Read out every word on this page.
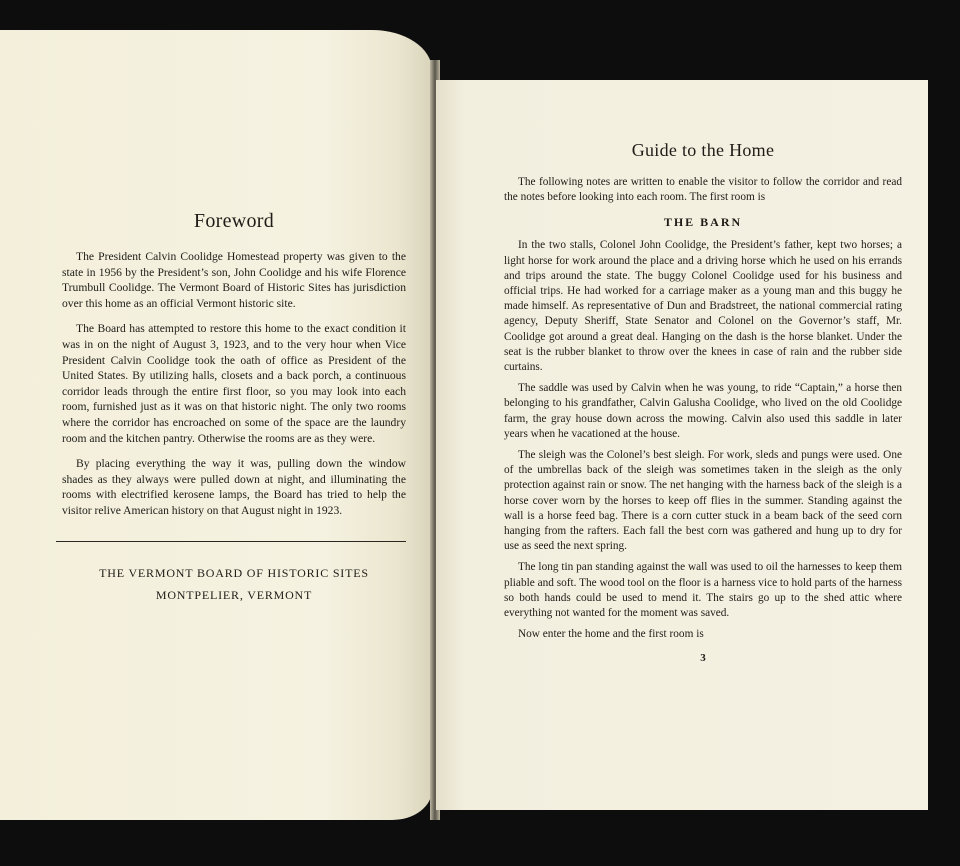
Foreword

The President Calvin Coolidge Homestead property was given to the state in 1956 by the President’s son, John Coolidge and his wife Florence Trumbull Coolidge. The Vermont Board of Historic Sites has jurisdiction over this home as an official Vermont historic site.

The Board has attempted to restore this home to the exact condition it was in on the night of August 3, 1923, and to the very hour when Vice President Calvin Coolidge took the oath of office as President of the United States. By utilizing halls, closets and a back porch, a continuous corridor leads through the entire first floor, so you may look into each room, furnished just as it was on that historic night. The only two rooms where the corridor has encroached on some of the space are the laundry room and the kitchen pantry. Otherwise the rooms are as they were.

By placing everything the way it was, pulling down the window shades as they always were pulled down at night, and illuminating the rooms with electrified kerosene lamps, the Board has tried to help the visitor relive American history on that August night in 1923.

THE VERMONT BOARD OF HISTORIC SITES
MONTPELIER, VERMONT
Guide to the Home

The following notes are written to enable the visitor to follow the corridor and read the notes before looking into each room. The first room is

THE BARN

In the two stalls, Colonel John Coolidge, the President’s father, kept two horses; a light horse for work around the place and a driving horse which he used on his errands and trips around the state. The buggy Colonel Coolidge used for his business and official trips. He had worked for a carriage maker as a young man and this buggy he made himself. As representative of Dun and Bradstreet, the national commercial rating agency, Deputy Sheriff, State Senator and Colonel on the Governor’s staff, Mr. Coolidge got around a great deal. Hanging on the dash is the horse blanket. Under the seat is the rubber blanket to throw over the knees in case of rain and the rubber side curtains.

The saddle was used by Calvin when he was young, to ride “Captain,” a horse then belonging to his grandfather, Calvin Galusha Coolidge, who lived on the old Coolidge farm, the gray house down across the mowing. Calvin also used this saddle in later years when he vacationed at the house.

The sleigh was the Colonel’s best sleigh. For work, sleds and pungs were used. One of the umbrellas back of the sleigh was sometimes taken in the sleigh as the only protection against rain or snow. The net hanging with the harness back of the sleigh is a horse cover worn by the horses to keep off flies in the summer. Standing against the wall is a horse feed bag. There is a corn cutter stuck in a beam back of the seed corn hanging from the rafters. Each fall the best corn was gathered and hung up to dry for use as seed the next spring.

The long tin pan standing against the wall was used to oil the harnesses to keep them pliable and soft. The wood tool on the floor is a harness vice to hold parts of the harness so both hands could be used to mend it. The stairs go up to the shed attic where everything not wanted for the moment was saved.

Now enter the home and the first room is

3
